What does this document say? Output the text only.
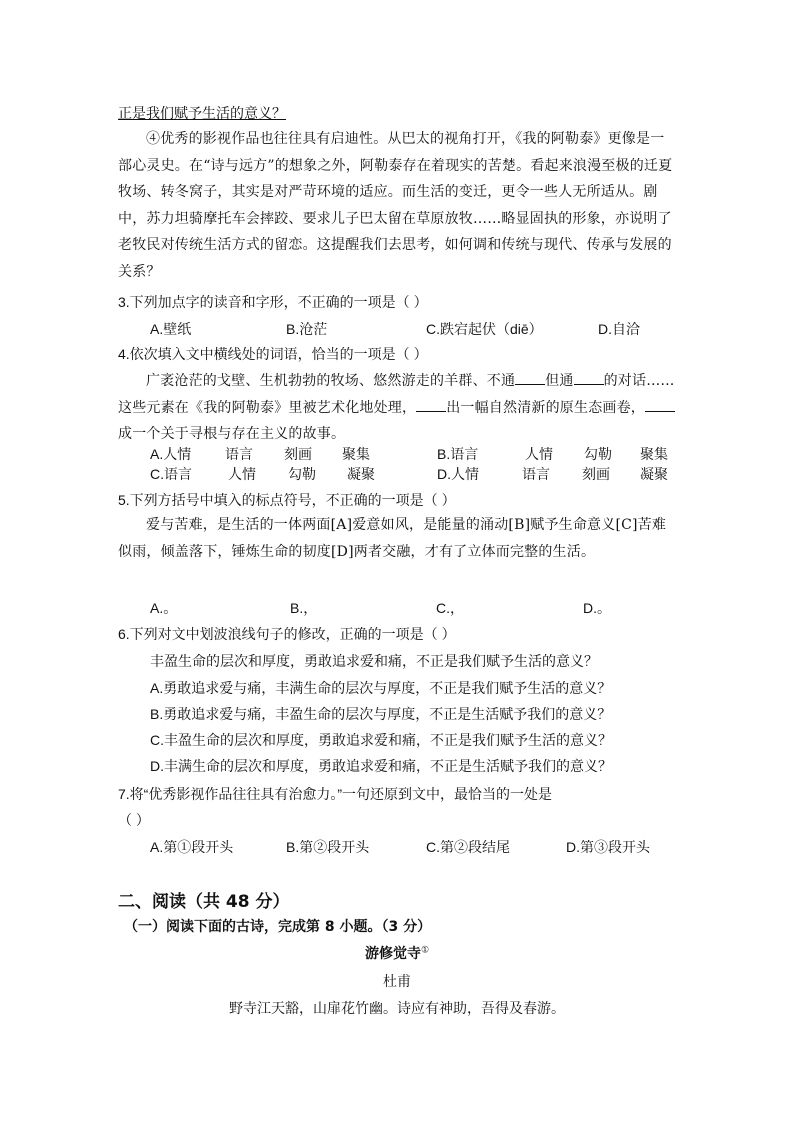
正是我们赋予生活的意义？

④优秀的影视作品也往往具有启迪性。从巴太的视角打开，《我的阿勒泰》更像是一部心灵史。在“诗与远方”的想象之外，阿勒泰存在着现实的苦楚。看起来浪漫至极的迁夏牧场、转冬窝子，其实是对严苛环境的适应。而生活的变迁，更令一些人无所适从。剧中，苏力坦骑摩托车会摔跤、要求儿子巴太留在草原放牧……略显固执的形象，亦说明了老牧民对传统生活方式的留恋。这提醒我们去思考，如何调和传统与现代、传承与发展的关系？

3.下列加点字的读音和字形，不正确的一项是（ ）
A.壁纸	B.沧茫	C.跌宕起伏（diē）	D.自洽
4.依次填入文中横线处的词语，恰当的一项是（ ）

广袤沧茫的戈壁、生机勃勃的牧场、悠然游走的羊群、不通 但通 的对话……这些元素在《我的阿勒泰》里被艺术化地处理， 出一幅自然清新的原生态画卷，成一个关于寻根与存在主义的故事。

A.人情 语言 刻画 聚集	B.语言	人情 勾勒 聚集
C.语言	人情 勾勒 凝聚	D.人情	语言 刻画 凝聚
5.下列方括号中填入的标点符号，不正确的一项是（ ）

爱与苦难，是生活的一体两面[A]爱意如风，是能量的涌动[B]赋予生命意义[C]苦难似雨，倾盖落下，锤炼生命的韧度[D]两者交融，才有了立体而完整的生活。

A.。	B.，	C.，	D.。
6.下列对文中划波浪线句子的修改，正确的一项是（ ）
丰盈生命的层次和厚度，勇敢追求爱和痛，不正是我们赋予生活的意义？
A.勇敢追求爱与痛，丰满生命的层次与厚度，不正是我们赋予生活的意义？
B.勇敢追求爱与痛，丰盈生命的层次与厚度，不正是生活赋予我们的意义？
C.丰盈生命的层次和厚度，勇敢追求爱和痛，不正是我们赋予生活的意义？
D.丰满生命的层次和厚度，勇敢追求爱和痛，不正是生活赋予我们的意义？
7.将“优秀影视作品往往具有治愈力。”一句还原到文中，最恰当的一处是
（ ）
A.第①段开头	B.第②段开头	C.第②段结尾	D.第③段开头
二、阅读（共 48 分）
（一）阅读下面的古诗，完成第 8 小题。（3 分）
游修觉寺①
杜甫
野寺江天豁，山扉花竹幽。诗应有神助，吾得及春游。
